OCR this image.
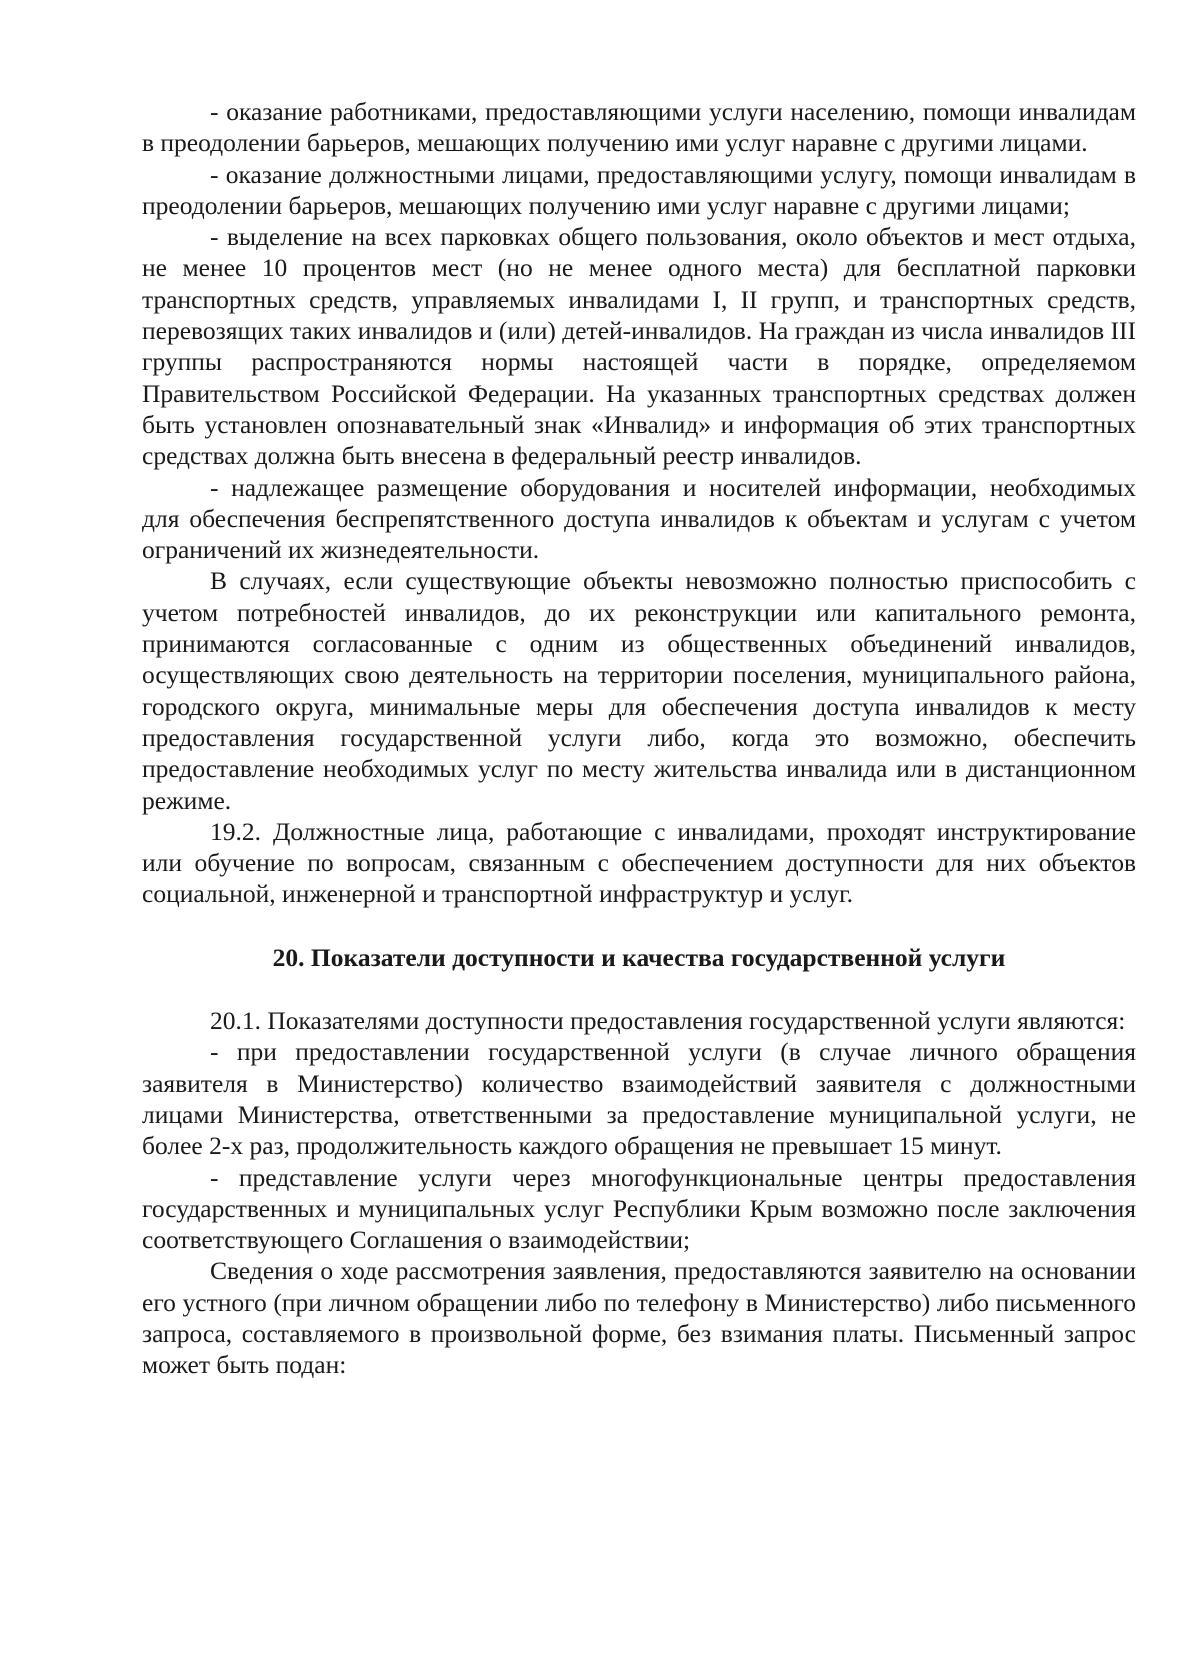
- оказание работниками, предоставляющими услуги населению, помощи инвалидам в преодолении барьеров, мешающих получению ими услуг наравне с другими лицами.

- оказание должностными лицами, предоставляющими услугу, помощи инвалидам в преодолении барьеров, мешающих получению ими услуг наравне с другими лицами;

- выделение на всех парковках общего пользования, около объектов и мест отдыха, не менее 10 процентов мест (но не менее одного места) для бесплатной парковки транспортных средств, управляемых инвалидами I, II групп, и транспортных средств, перевозящих таких инвалидов и (или) детей-инвалидов. На граждан из числа инвалидов III группы распространяются нормы настоящей части в порядке, определяемом Правительством Российской Федерации. На указанных транспортных средствах должен быть установлен опознавательный знак «Инвалид» и информация об этих транспортных средствах должна быть внесена в федеральный реестр инвалидов.

- надлежащее размещение оборудования и носителей информации, необходимых для обеспечения беспрепятственного доступа инвалидов к объектам и услугам с учетом ограничений их жизнедеятельности.

В случаях, если существующие объекты невозможно полностью приспособить с учетом потребностей инвалидов, до их реконструкции или капитального ремонта, принимаются согласованные с одним из общественных объединений инвалидов, осуществляющих свою деятельность на территории поселения, муниципального района, городского округа, минимальные меры для обеспечения доступа инвалидов к месту предоставления государственной услуги либо, когда это возможно, обеспечить предоставление необходимых услуг по месту жительства инвалида или в дистанционном режиме.

19.2. Должностные лица, работающие с инвалидами, проходят инструктирование или обучение по вопросам, связанным с обеспечением доступности для них объектов социальной, инженерной и транспортной инфраструктур и услуг.

20. Показатели доступности и качества государственной услуги

20.1. Показателями доступности предоставления государственной услуги являются:

- при предоставлении государственной услуги (в случае личного обращения заявителя в Министерство) количество взаимодействий заявителя с должностными лицами Министерства, ответственными за предоставление муниципальной услуги, не более 2-х раз, продолжительность каждого обращения не превышает 15 минут.

- представление услуги через многофункциональные центры предоставления государственных и муниципальных услуг Республики Крым возможно после заключения соответствующего Соглашения о взаимодействии;

Сведения о ходе рассмотрения заявления, предоставляются заявителю на основании его устного (при личном обращении либо по телефону в Министерство) либо письменного запроса, составляемого в произвольной форме, без взимания платы. Письменный запрос может быть подан:
